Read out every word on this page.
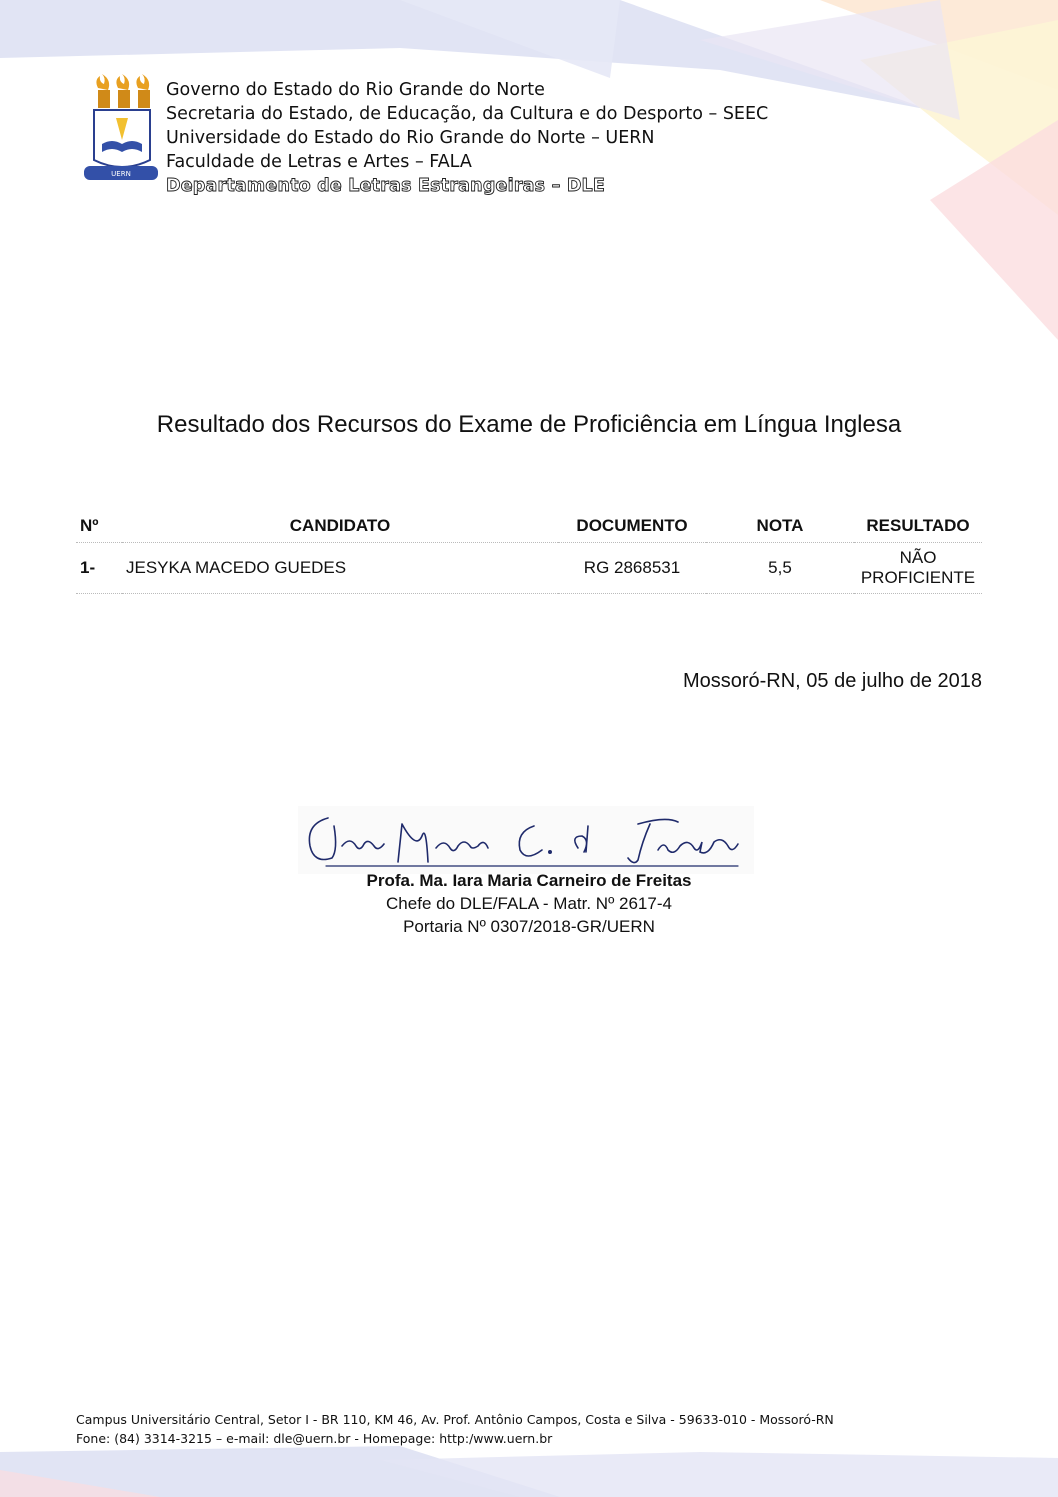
UERN
Governo do Estado do Rio Grande do Norte
Secretaria do Estado, de Educação, da Cultura e do Desporto – SEEC
Universidade do Estado do Rio Grande do Norte – UERN
Faculdade de Letras e Artes – FALA
Departamento de Letras Estrangeiras – DLE
Resultado dos Recursos do Exame de Proficiência em Língua Inglesa
Nº	CANDIDATO	DOCUMENTO	NOTA	RESULTADO
1-	JESYKA MACEDO GUEDES	RG 2868531	5,5	NÃO PROFICIENTE
Mossoró-RN, 05 de julho de 2018
Profa. Ma. Iara Maria Carneiro de Freitas
Chefe do DLE/FALA - Matr. Nº 2617-4
Portaria Nº 0307/2018-GR/UERN
Campus Universitário Central, Setor I - BR 110, KM 46, Av. Prof. Antônio Campos, Costa e Silva - 59633-010 - Mossoró-RN
Fone: (84) 3314-3215 – e-mail: dle@uern.br - Homepage: http:/www.uern.br
